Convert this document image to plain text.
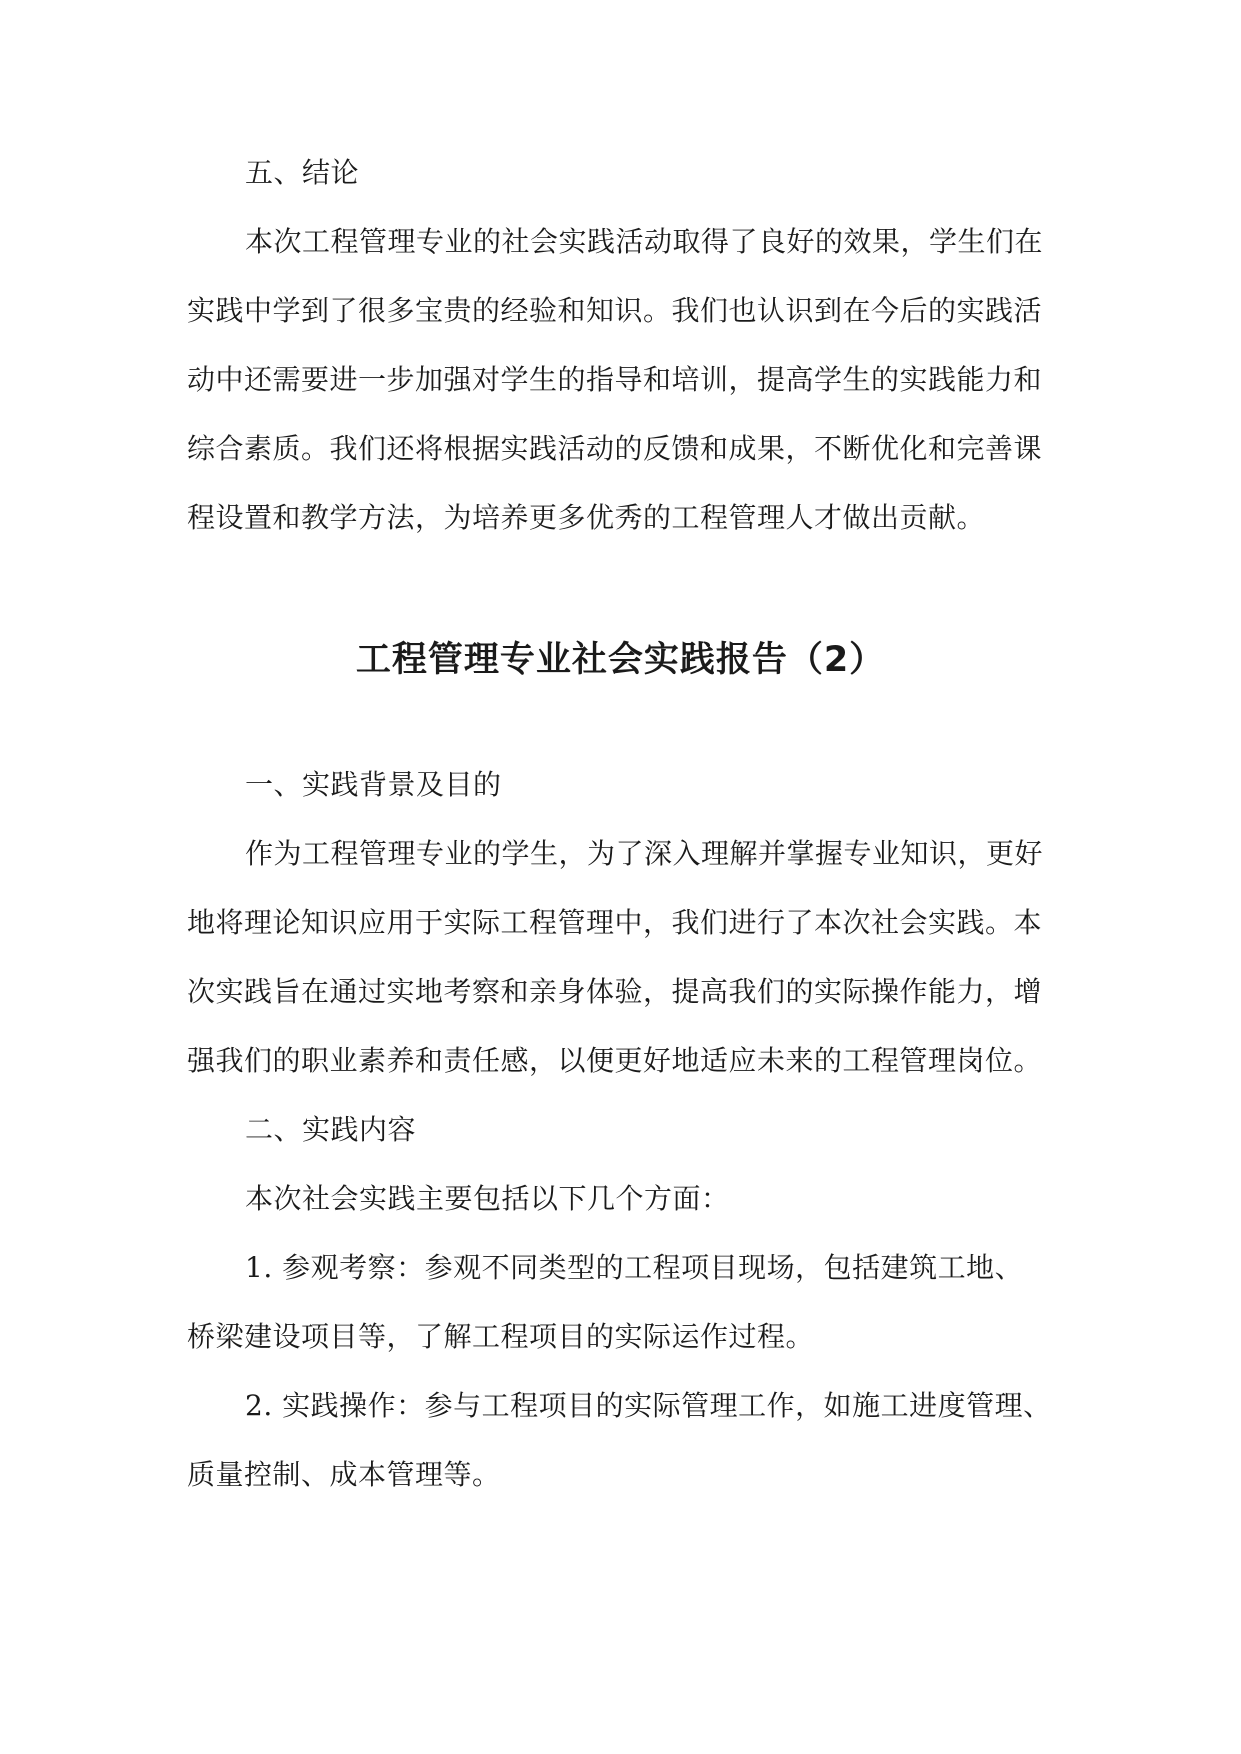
五、结论
本次工程管理专业的社会实践活动取得了良好的效果，学生们在
实践中学到了很多宝贵的经验和知识。我们也认识到在今后的实践活
动中还需要进一步加强对学生的指导和培训，提高学生的实践能力和
综合素质。我们还将根据实践活动的反馈和成果，不断优化和完善课
程设置和教学方法，为培养更多优秀的工程管理人才做出贡献。
工程管理专业社会实践报告（2）
一、实践背景及目的
作为工程管理专业的学生，为了深入理解并掌握专业知识，更好
地将理论知识应用于实际工程管理中，我们进行了本次社会实践。本
次实践旨在通过实地考察和亲身体验，提高我们的实际操作能力，增
强我们的职业素养和责任感，以便更好地适应未来的工程管理岗位。
二、实践内容
本次社会实践主要包括以下几个方面：
1. 参观考察：参观不同类型的工程项目现场，包括建筑工地、
桥梁建设项目等，了解工程项目的实际运作过程。
2. 实践操作：参与工程项目的实际管理工作，如施工进度管理、
质量控制、成本管理等。
